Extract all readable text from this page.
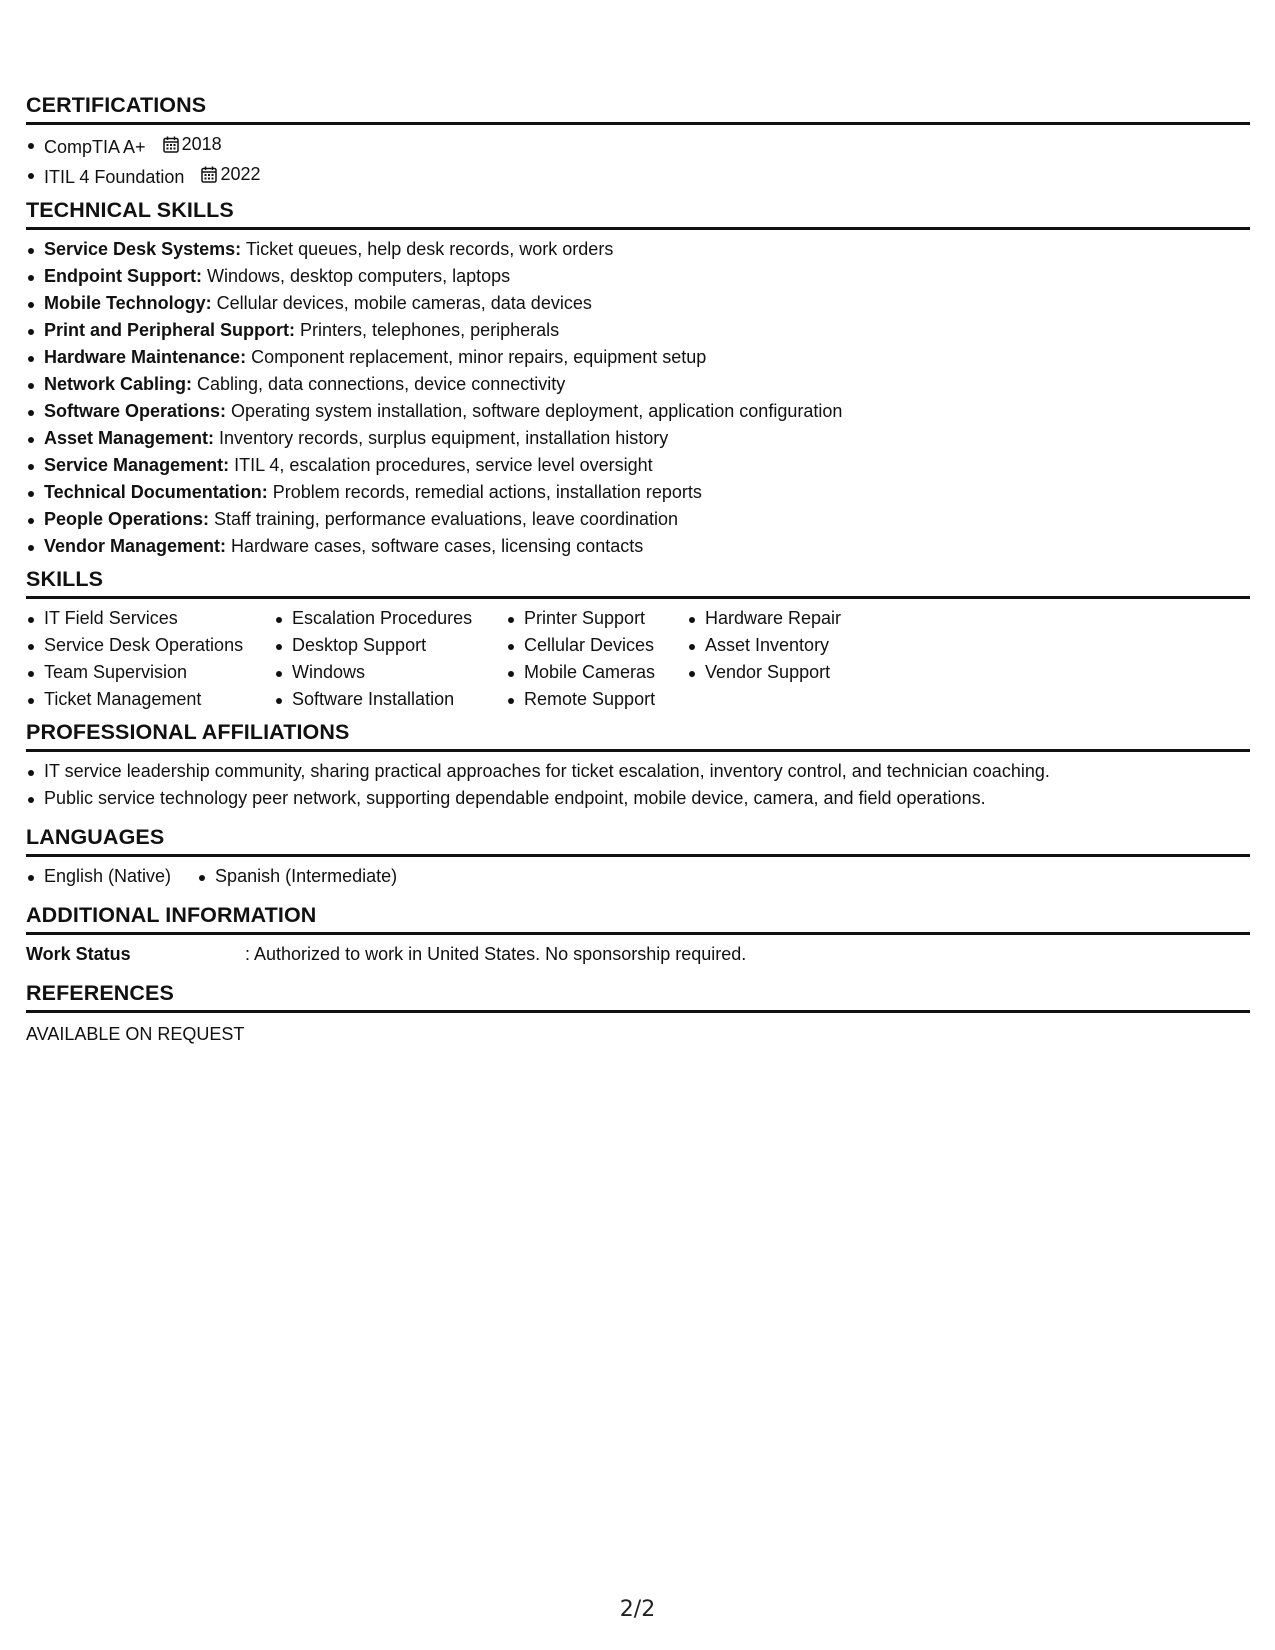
CERTIFICATIONS
CompTIA A+ 2018
ITIL 4 Foundation 2022
TECHNICAL SKILLS
Service Desk Systems: Ticket queues, help desk records, work orders
Endpoint Support: Windows, desktop computers, laptops
Mobile Technology: Cellular devices, mobile cameras, data devices
Print and Peripheral Support: Printers, telephones, peripherals
Hardware Maintenance: Component replacement, minor repairs, equipment setup
Network Cabling: Cabling, data connections, device connectivity
Software Operations: Operating system installation, software deployment, application configuration
Asset Management: Inventory records, surplus equipment, installation history
Service Management: ITIL 4, escalation procedures, service level oversight
Technical Documentation: Problem records, remedial actions, installation reports
People Operations: Staff training, performance evaluations, leave coordination
Vendor Management: Hardware cases, software cases, licensing contacts
SKILLS
IT Field Services
Service Desk Operations
Team Supervision
Ticket Management
Escalation Procedures
Desktop Support
Windows
Software Installation
Printer Support
Cellular Devices
Mobile Cameras
Remote Support
Hardware Repair
Asset Inventory
Vendor Support
PROFESSIONAL AFFILIATIONS
IT service leadership community, sharing practical approaches for ticket escalation, inventory control, and technician coaching.
Public service technology peer network, supporting dependable endpoint, mobile device, camera, and field operations.
LANGUAGES
English (Native)	Spanish (Intermediate)
ADDITIONAL INFORMATION
Work Status	: Authorized to work in United States. No sponsorship required.
REFERENCES
AVAILABLE ON REQUEST
2/2
